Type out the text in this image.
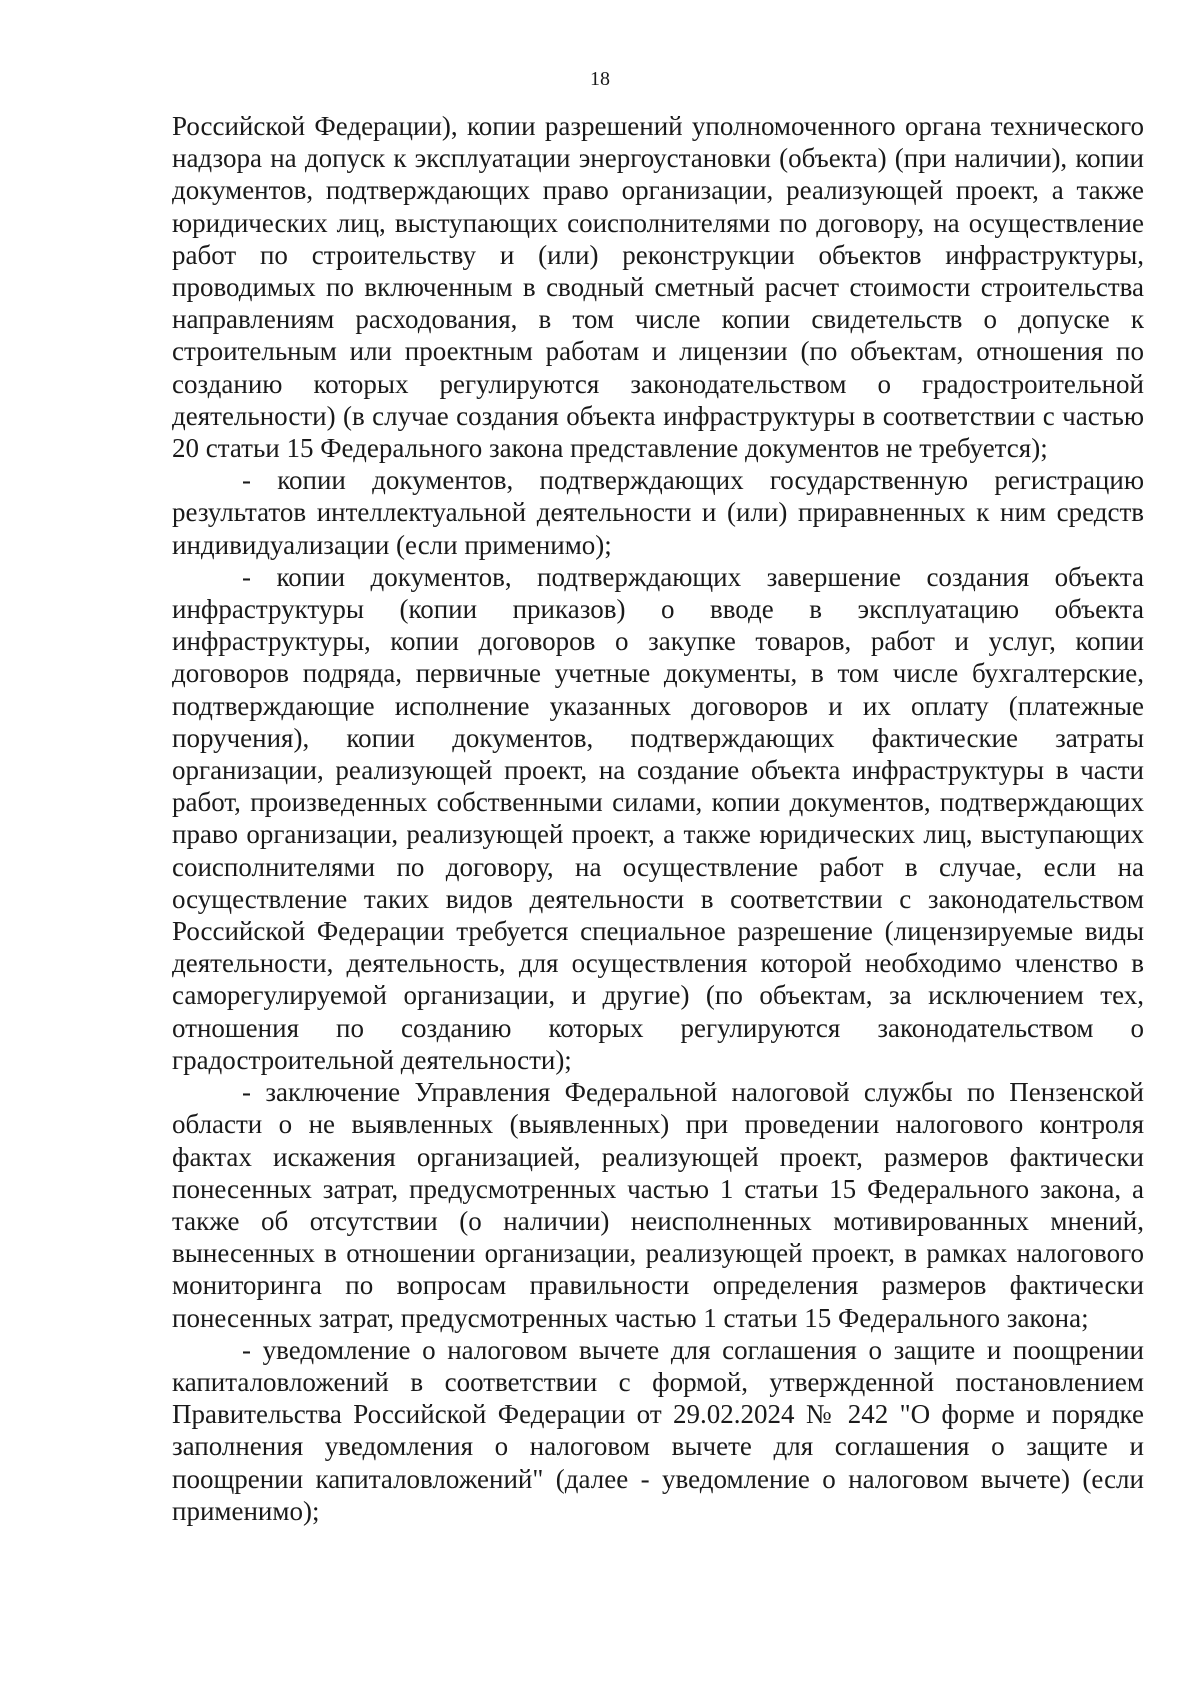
18

Российской Федерации), копии разрешений уполномоченного органа технического надзора на допуск к эксплуатации энергоустановки (объекта) (при наличии), копии документов, подтверждающих право организации, реализующей проект, а также юридических лиц, выступающих соисполнителями по договору, на осуществление работ по строительству и (или) реконструкции объектов инфраструктуры, проводимых по включенным в сводный сметный расчет стоимости строительства направлениям расходования, в том числе копии свидетельств о допуске к строительным или проектным работам и лицензии (по объектам, отношения по созданию которых регулируются законодательством о градостроительной деятельности) (в случае создания объекта инфраструктуры в соответствии с частью 20 статьи 15 Федерального закона представление документов не требуется);

- копии документов, подтверждающих государственную регистрацию результатов интеллектуальной деятельности и (или) приравненных к ним средств индивидуализации (если применимо);

- копии документов, подтверждающих завершение создания объекта инфраструктуры (копии приказов) о вводе в эксплуатацию объекта инфраструктуры, копии договоров о закупке товаров, работ и услуг, копии договоров подряда, первичные учетные документы, в том числе бухгалтерские, подтверждающие исполнение указанных договоров и их оплату (платежные поручения), копии документов, подтверждающих фактические затраты организации, реализующей проект, на создание объекта инфраструктуры в части работ, произведенных собственными силами, копии документов, подтверждающих право организации, реализующей проект, а также юридических лиц, выступающих соисполнителями по договору, на осуществление работ в случае, если на осуществление таких видов деятельности в соответствии с законодательством Российской Федерации требуется специальное разрешение (лицензируемые виды деятельности, деятельность, для осуществления которой необходимо членство в саморегулируемой организации, и другие) (по объектам, за исключением тех, отношения по созданию которых регулируются законодательством о градостроительной деятельности);

- заключение Управления Федеральной налоговой службы по Пензенской области о не выявленных (выявленных) при проведении налогового контроля фактах искажения организацией, реализующей проект, размеров фактически понесенных затрат, предусмотренных частью 1 статьи 15 Федерального закона, а также об отсутствии (о наличии) неисполненных мотивированных мнений, вынесенных в отношении организации, реализующей проект, в рамках налогового мониторинга по вопросам правильности определения размеров фактически понесенных затрат, предусмотренных частью 1 статьи 15 Федерального закона;

- уведомление о налоговом вычете для соглашения о защите и поощрении капиталовложений в соответствии с формой, утвержденной постановлением Правительства Российской Федерации от 29.02.2024 № 242 "О форме и порядке заполнения уведомления о налоговом вычете для соглашения о защите и поощрении капиталовложений" (далее - уведомление о налоговом вычете) (если применимо);
